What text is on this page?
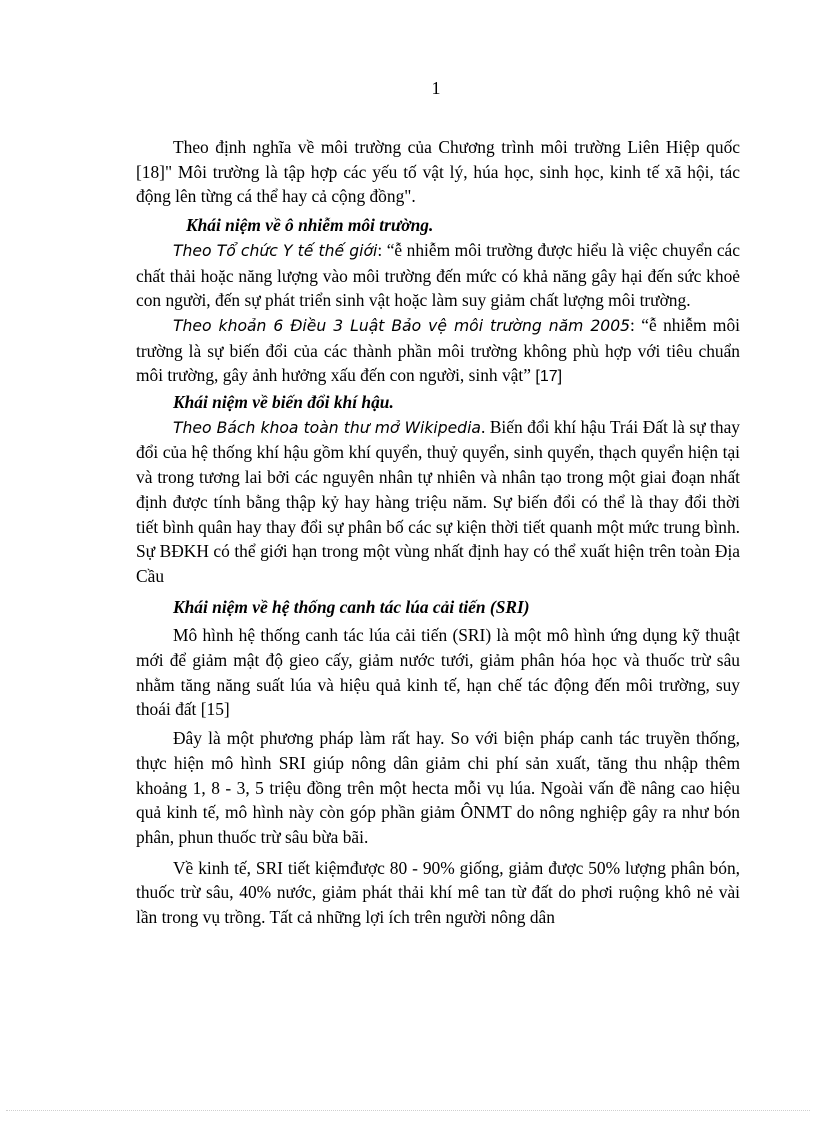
1

Theo định nghĩa về môi trường của Chương trình môi trường Liên Hiệp quốc [18]" Môi trường là tập hợp các yếu tố vật lý, húa học, sinh học, kinh tế xã hội, tác động lên từng cá thể hay cả cộng đồng".

Khái niệm về ô nhiễm môi trường.

Theo Tổ chức Y tế thế giới: “ễ nhiễm môi trường được hiểu là việc chuyển các chất thải hoặc năng lượng vào môi trường đến mức có khả năng gây hại đến sức khoẻ con người, đến sự phát triển sinh vật hoặc làm suy giảm chất lượng môi trường.

Theo khoản 6 Điều 3 Luật Bảo vệ môi trường năm 2005: “ễ nhiễm môi trường là sự biến đổi của các thành phần môi trường không phù hợp với tiêu chuẩn môi trường, gây ảnh hưởng xấu đến con người, sinh vật” [17]

Khái niệm về biến đổi khí hậu.

Theo Bách khoa toàn thư mở Wikipedia. Biến đổi khí hậu Trái Đất là sự thay đổi của hệ thống khí hậu gồm khí quyển, thuỷ quyển, sinh quyển, thạch quyển hiện tại và trong tương lai bởi các nguyên nhân tự nhiên và nhân tạo trong một giai đoạn nhất định được tính bằng thập kỷ hay hàng triệu năm. Sự biến đổi có thể là thay đổi thời tiết bình quân hay thay đổi sự phân bố các sự kiện thời tiết quanh một mức trung bình. Sự BĐKH có thể giới hạn trong một vùng nhất định hay có thể xuất hiện trên toàn Địa Cầu

Khái niệm về hệ thống canh tác lúa cải tiến (SRI)

Mô hình hệ thống canh tác lúa cải tiến (SRI) là một mô hình ứng dụng kỹ thuật mới để giảm mật độ gieo cấy, giảm nước tưới, giảm phân hóa học và thuốc trừ sâu nhằm tăng năng suất lúa và hiệu quả kinh tế, hạn chế tác động đến môi trường, suy thoái đất [15]

Đây là một phương pháp làm rất hay. So với biện pháp canh tác truyền thống, thực hiện mô hình SRI giúp nông dân giảm chi phí sản xuất, tăng thu nhập thêm khoảng 1, 8 - 3, 5 triệu đồng trên một hecta mỗi vụ lúa. Ngoài vấn đề nâng cao hiệu quả kinh tế, mô hình này còn góp phần giảm ÔNMT do nông nghiệp gây ra như bón phân, phun thuốc trừ sâu bừa bãi.

Về kinh tế, SRI tiết kiệmđược 80 - 90% giống, giảm được 50% lượng phân bón, thuốc trừ sâu, 40% nước, giảm phát thải khí mê tan từ đất do phơi ruộng khô nẻ vài lần trong vụ trồng. Tất cả những lợi ích trên người nông dân
